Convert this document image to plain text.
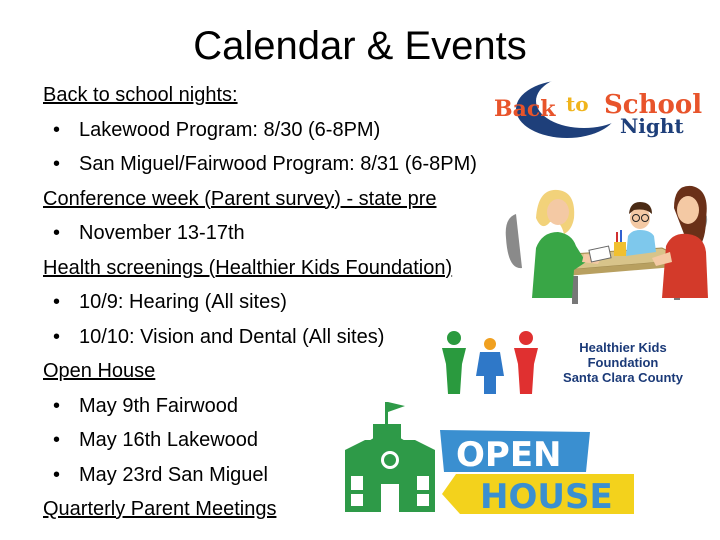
Calendar & Events
Back to school nights:
• Lakewood Program: 8/30 (6-8PM)
• San Miguel/Fairwood Program: 8/31 (6-8PM)
Conference week (Parent survey) - state pre
• November 13-17th
Health screenings (Healthier Kids Foundation)
• 10/9: Hearing (All sites)
• 10/10: Vision and Dental (All sites)
Open House
• May 9th Fairwood
• May 16th Lakewood
• May 23rd San Miguel
Quarterly Parent Meetings
Back to School
Night
Healthier Kids
Foundation
Santa Clara County
OPEN
HOUSE
